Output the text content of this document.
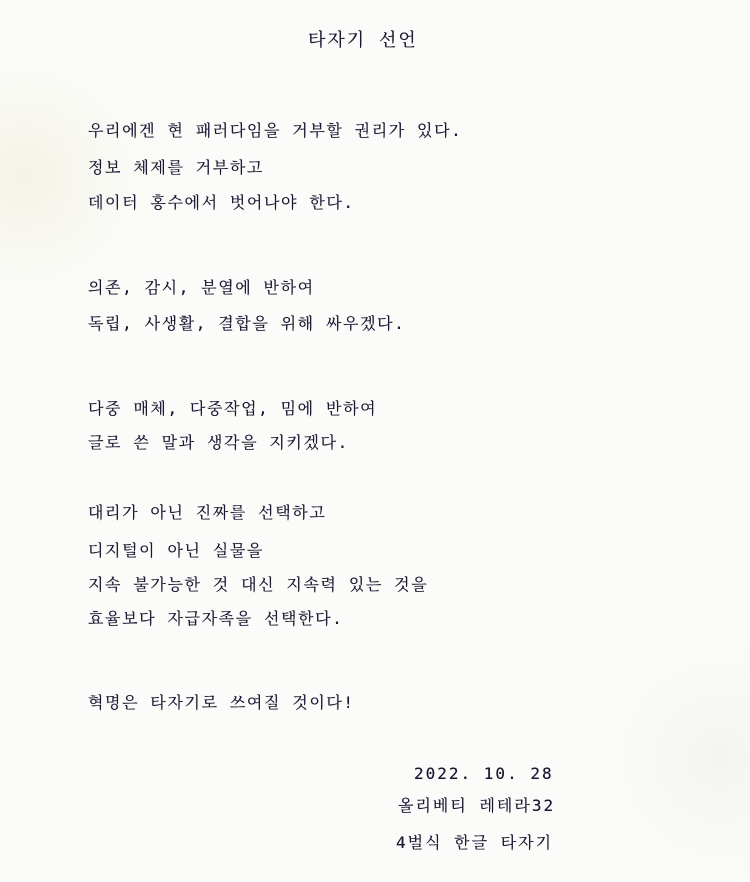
타자기 선언
우리에겐 현 패러다임을 거부할 권리가 있다.
정보 체제를 거부하고
데이터 홍수에서 벗어나야 한다.
의존, 감시, 분열에 반하여
독립, 사생활, 결합을 위해 싸우겠다.
다중 매체, 다중작업, 밈에 반하여
글로 쓴 말과 생각을 지키겠다.
대리가 아닌 진짜를 선택하고
디지털이 아닌 실물을
지속 불가능한 것 대신 지속력 있는 것을
효율보다 자급자족을 선택한다.
혁명은 타자기로 쓰여질 것이다!
2022. 10. 28
올리베티 레테라32
4벌식 한글 타자기
